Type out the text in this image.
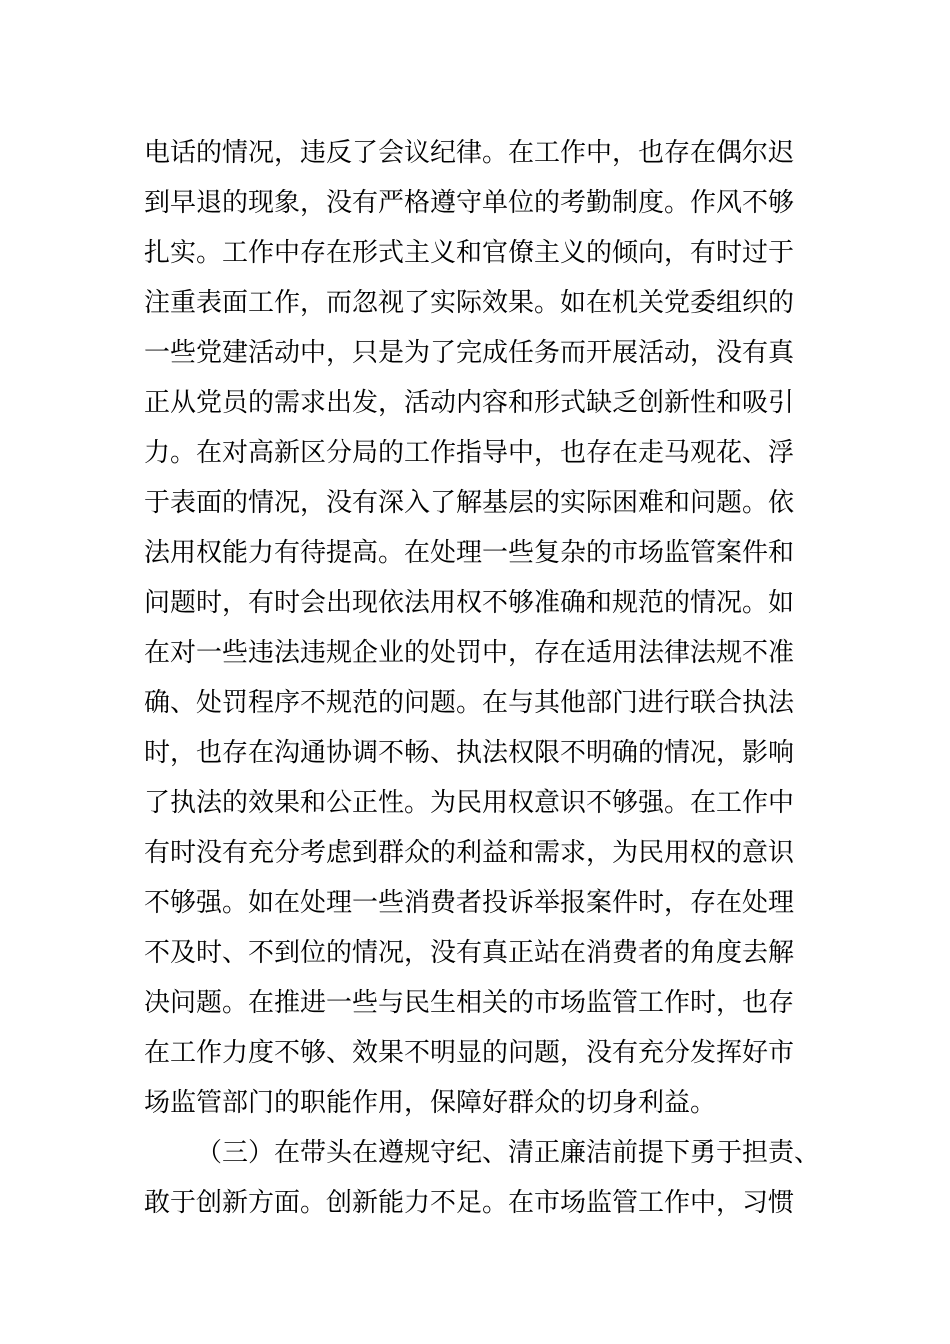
电话的情况，违反了会议纪律。在工作中，也存在偶尔迟
到早退的现象，没有严格遵守单位的考勤制度。作风不够
扎实。工作中存在形式主义和官僚主义的倾向，有时过于
注重表面工作，而忽视了实际效果。如在机关党委组织的
一些党建活动中，只是为了完成任务而开展活动，没有真
正从党员的需求出发，活动内容和形式缺乏创新性和吸引
力。在对高新区分局的工作指导中，也存在走马观花、浮
于表面的情况，没有深入了解基层的实际困难和问题。依
法用权能力有待提高。在处理一些复杂的市场监管案件和
问题时，有时会出现依法用权不够准确和规范的情况。如
在对一些违法违规企业的处罚中，存在适用法律法规不准
确、处罚程序不规范的问题。在与其他部门进行联合执法
时，也存在沟通协调不畅、执法权限不明确的情况，影响
了执法的效果和公正性。为民用权意识不够强。在工作中
有时没有充分考虑到群众的利益和需求，为民用权的意识
不够强。如在处理一些消费者投诉举报案件时，存在处理
不及时、不到位的情况，没有真正站在消费者的角度去解
决问题。在推进一些与民生相关的市场监管工作时，也存
在工作力度不够、效果不明显的问题，没有充分发挥好市
场监管部门的职能作用，保障好群众的切身利益。
（三）在带头在遵规守纪、清正廉洁前提下勇于担责、
敢于创新方面。创新能力不足。在市场监管工作中，习惯
